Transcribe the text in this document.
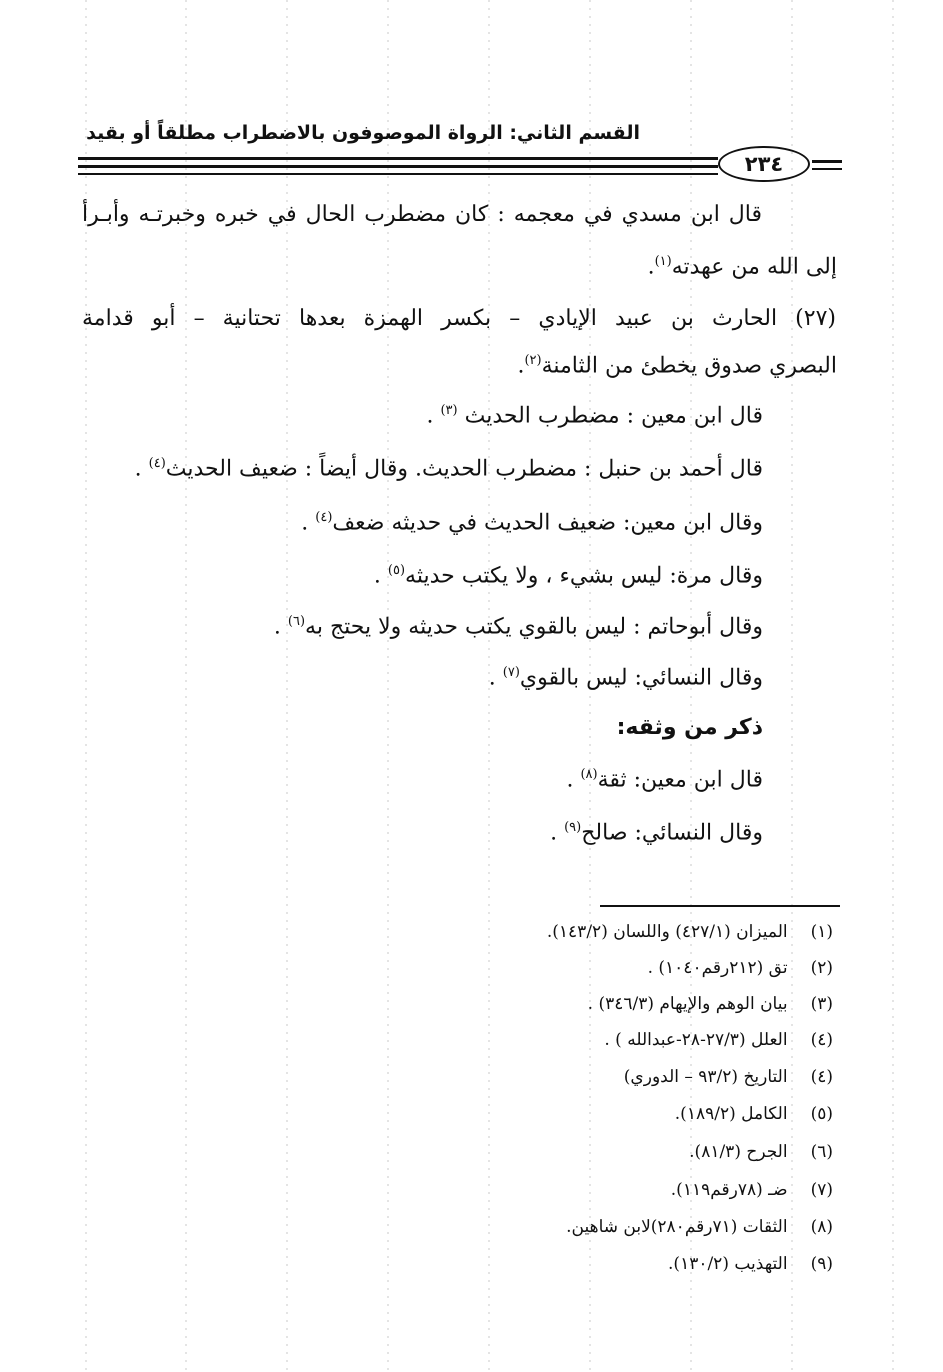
القسم الثاني: الرواة الموصوفون بالاضطراب مطلقاً أو بقيد
٢٣٤
قال ابن مسدي في معجمه : كان مضطرب الحال في خبره وخبرتـه وأبـرأ
إلى الله من عهدته$^{(١)}$.
(٢٧) الحارث بن عبيد الإيادي – بكسر الهمزة بعدها تحتانية – أبو قدامة
البصري صدوق يخطئ من الثامنة$^{(٢)}$.
قال ابن معين : مضطرب الحديث $^{(٣)}$ .
قال أحمد بن حنبل : مضطرب الحديث. وقال أيضاً : ضعيف الحديث$^{(٤)}$ .
وقال ابن معين: ضعيف الحديث في حديثه ضعف$^{(٤)}$ .
وقال مرة: ليس بشيء ، ولا يكتب حديثه$^{(٥)}$ .
وقال أبوحاتم : ليس بالقوي يكتب حديثه ولا يحتج به$^{(٦)}$ .
وقال النسائي: ليس بالقوي$^{(٧)}$ .
ذكر من وثقه:
قال ابن معين: ثقة$^{(٨)}$ .
وقال النسائي: صالح$^{(٩)}$ .
(١) الميزان (٤٢٧/١) واللسان (١٤٣/٢).
(٢) تق (٢١٢رقم١٠٤٠) .
(٣) بيان الوهم والإيهام (٣٤٦/٣) .
(٤) العلل (٢٧/٣-٢٨-عبدالله ) .
(٤) التاريخ (٩٣/٢ – الدوري)
(٥) الكامل (١٨٩/٢).
(٦) الجرح (٨١/٣).
(٧) ضـ (٧٨رقم١١٩).
(٨) الثقات (٧١رقم٢٨٠)لابن شاهين.
(٩) التهذيب (١٣٠/٢).
